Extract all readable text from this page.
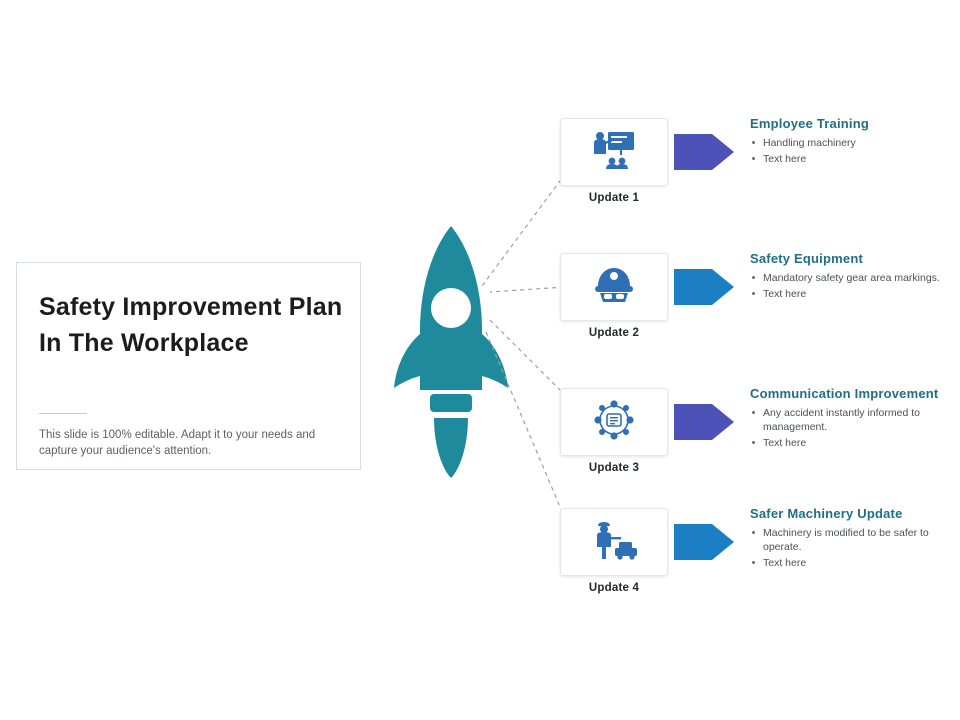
Safety Improvement Plan In The Workplace
This slide is 100% editable. Adapt it to your needs and capture your audience's attention.
Update 1
Employee Training
Handling machinery
Text here
Update 2
Safety Equipment
Mandatory safety gear area markings.
Text here
Update 3
Communication Improvement
Any accident instantly informed to management.
Text here
Update 4
Safer Machinery Update
Machinery is modified to be safer to operate.
Text here
